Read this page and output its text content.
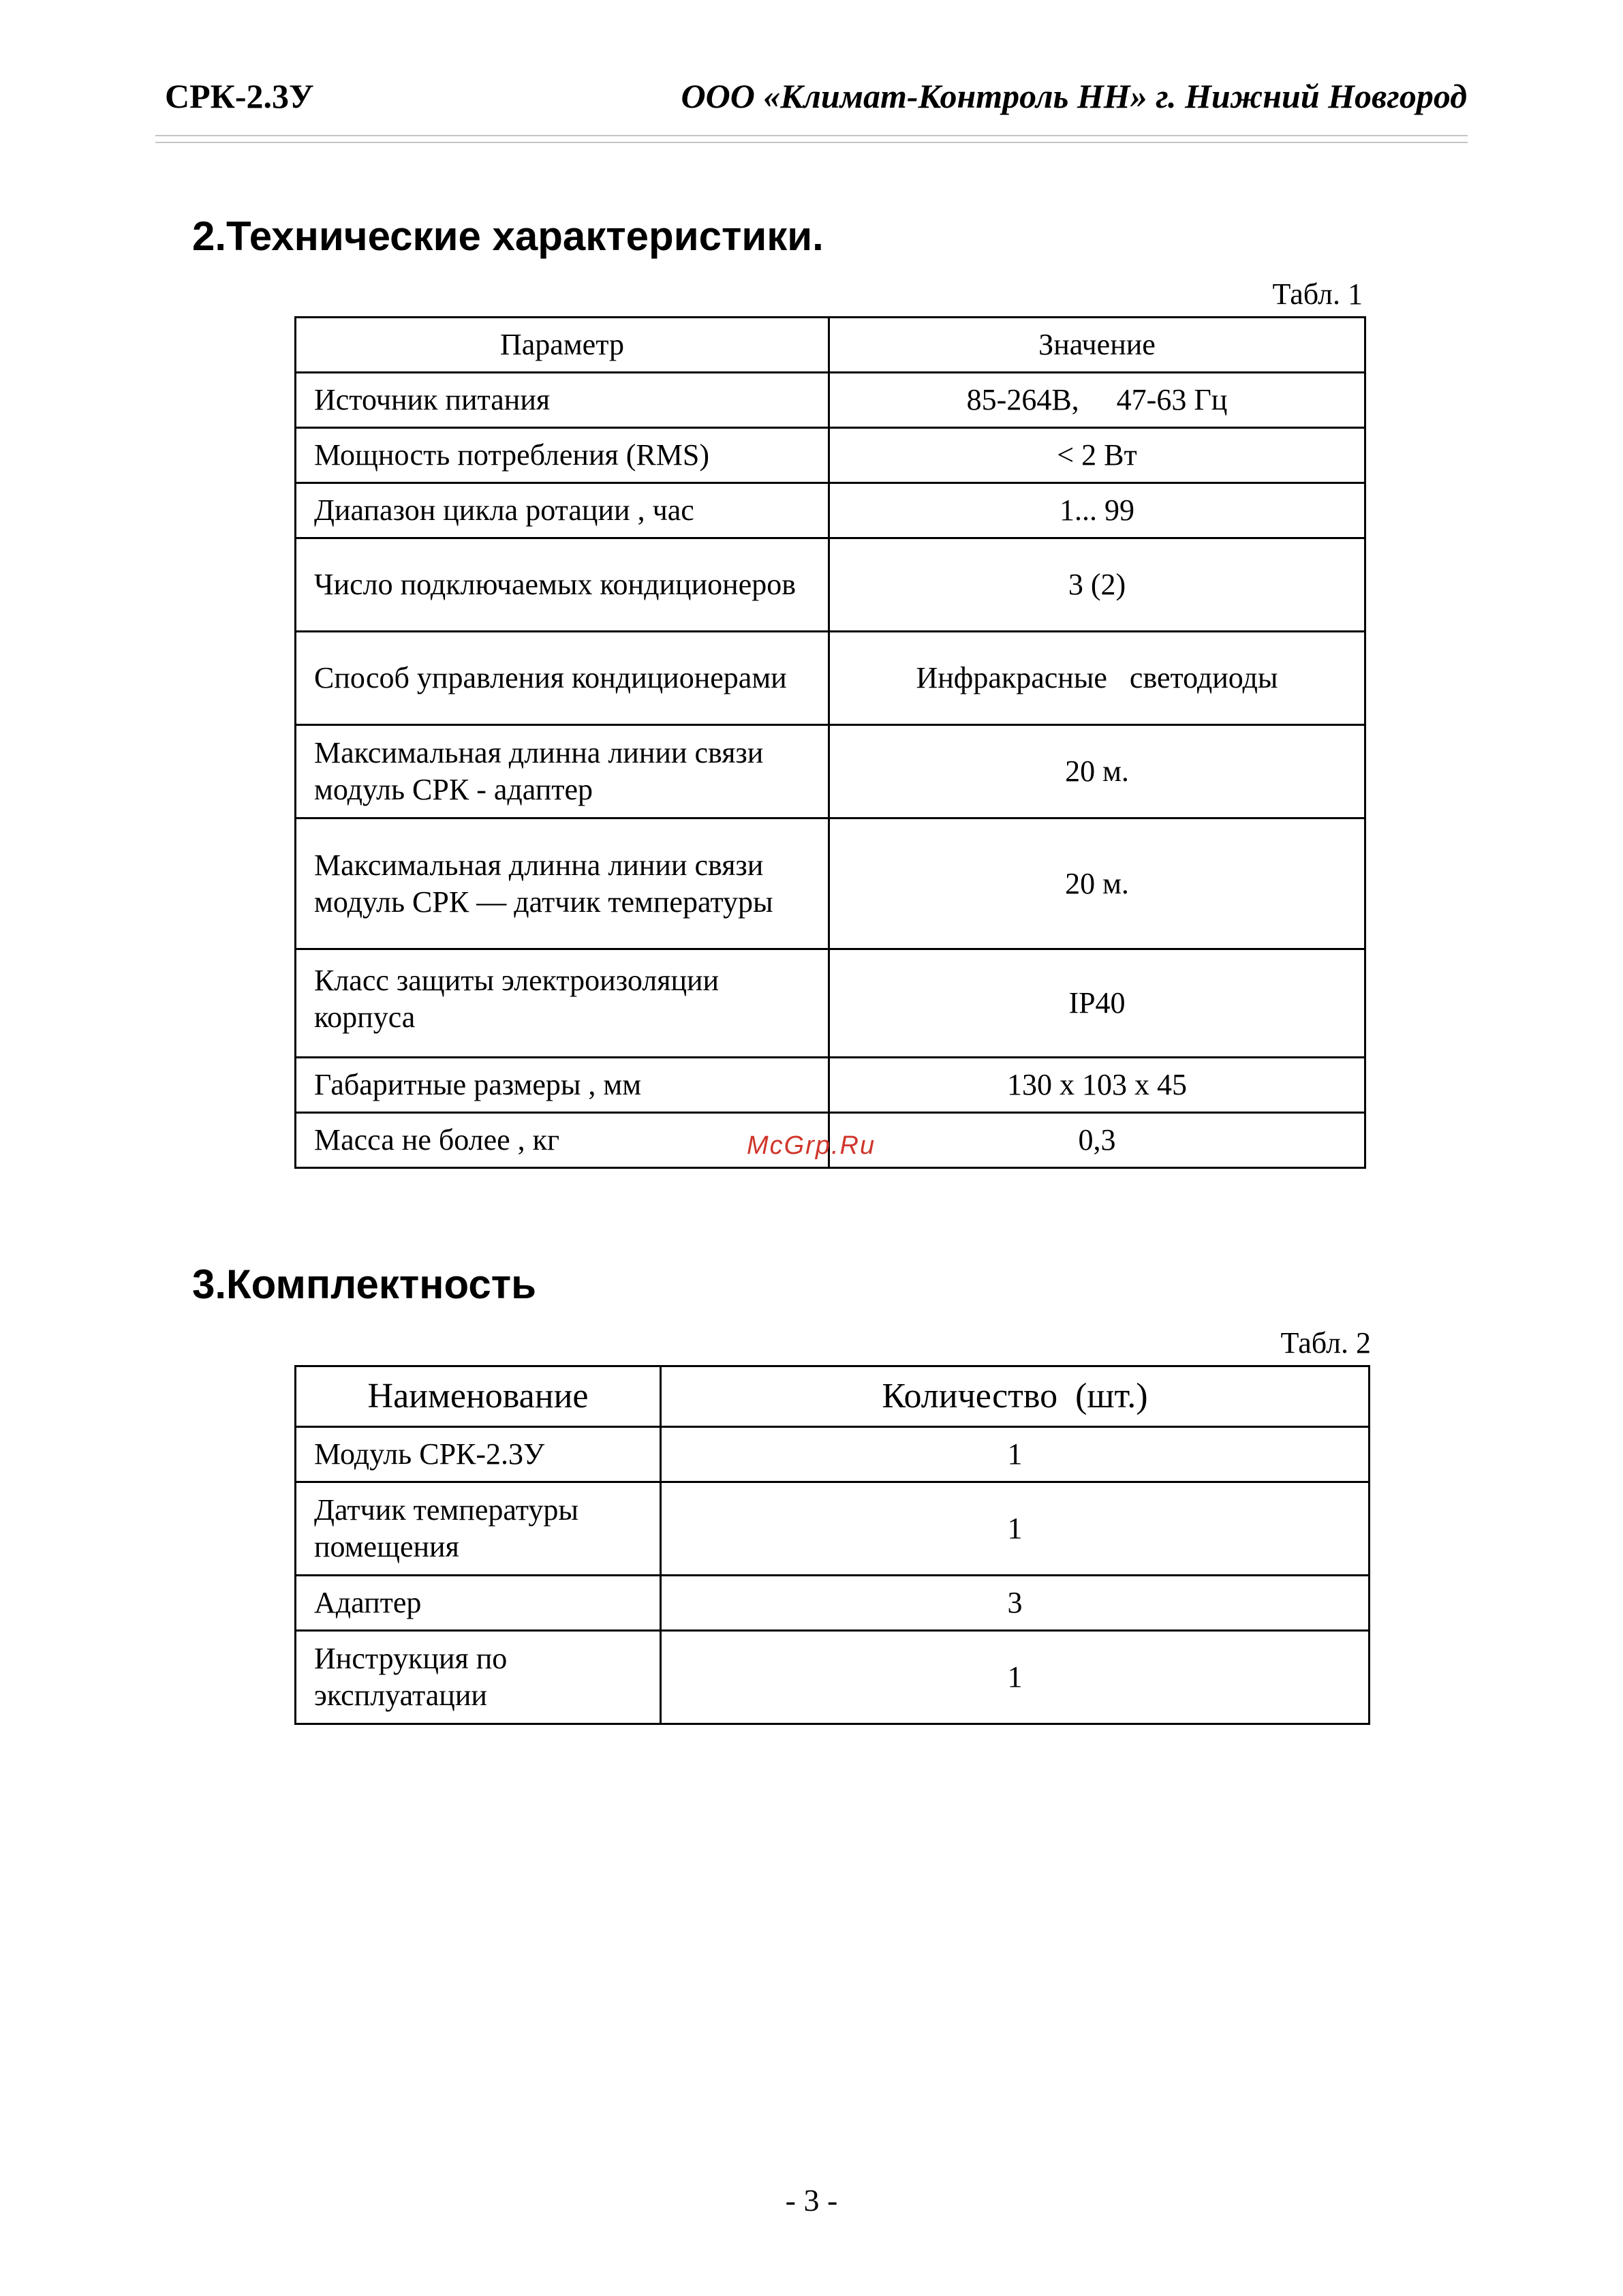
СРК-2.3У	ООО «Климат-Контроль НН» г. Нижний Новгород
2.Технические характеристики.
Табл. 1
Параметр	Значение
Источник питания	85-264В,     47-63 Гц
Мощность потребления (RMS)	< 2 Вт
Диапазон цикла ротации , час	1... 99
Число подключаемых кондиционеров	3 (2)
Способ управления кондиционерами	Инфракрасные   светодиоды
Максимальная длинна линии связи модуль СРК - адаптер	20 м.
Максимальная длинна линии связи модуль СРК — датчик температуры	20 м.
Класс защиты электроизоляции корпуса	IP40
Габаритные размеры , мм	130 х 103 х 45
Масса не более , кг	0,3
McGrp.Ru
3.Комплектность
Табл. 2
Наименование	Количество  (шт.)
Модуль СРК-2.3У	1
Датчик температуры помещения	1
Адаптер	3
Инструкция по эксплуатации	1
- 3 -
